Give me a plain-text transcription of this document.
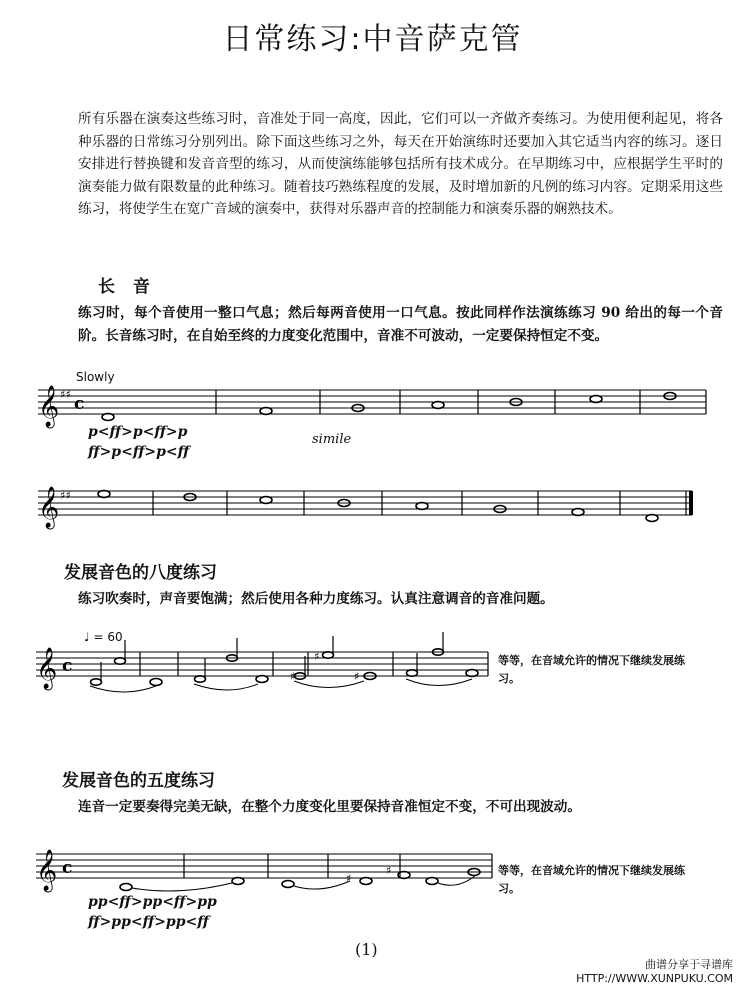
日常练习:中音萨克管
所有乐器在演奏这些练习时，音准处于同一高度，因此，它们可以一齐做齐奏练习。为使用便利起见，将各种乐器的日常练习分别列出。除下面这些练习之外，每天在开始演练时还要加入其它适当内容的练习。逐日安排进行替换键和发音音型的练习，从而使演练能够包括所有技术成分。在早期练习中，应根据学生平时的演奏能力做有限数量的此种练习。随着技巧熟练程度的发展，及时增加新的凡例的练习内容。定期采用这些练习，将使学生在宽广音域的演奏中，获得对乐器声音的控制能力和演奏乐器的娴熟技术。
长 音
练习时，每个音使用一整口气息；然后每两音使用一口气息。按此同样作法演练练习 90 给出的每一个音阶。长音练习时，在自始至终的力度变化范围中，音准不可波动，一定要保持恒定不变。
Slowly
𝄞 ♯♯ c
p<ff>p<ff>p
ff>p<ff>p<ff
simile
𝄞 ♯♯
发展音色的八度练习
练习吹奏时，声音要饱满；然后使用各种力度练习。认真注意调音的音准问题。
♩ = 60
𝄞 c
♯
♯
♯
等等，在音域允许的情况下继续发展练习。
发展音色的五度练习
连音一定要奏得完美无缺，在整个力度变化里要保持音准恒定不变，不可出现波动。
𝄞 c
♯
♯	等等，在音域允许的情况下继续发展练习。
pp<ff>pp<ff>pp
ff>pp<ff>pp<ff
(1)
曲谱分享于寻谱库
HTTP://WWW.XUNPUKU.COM
